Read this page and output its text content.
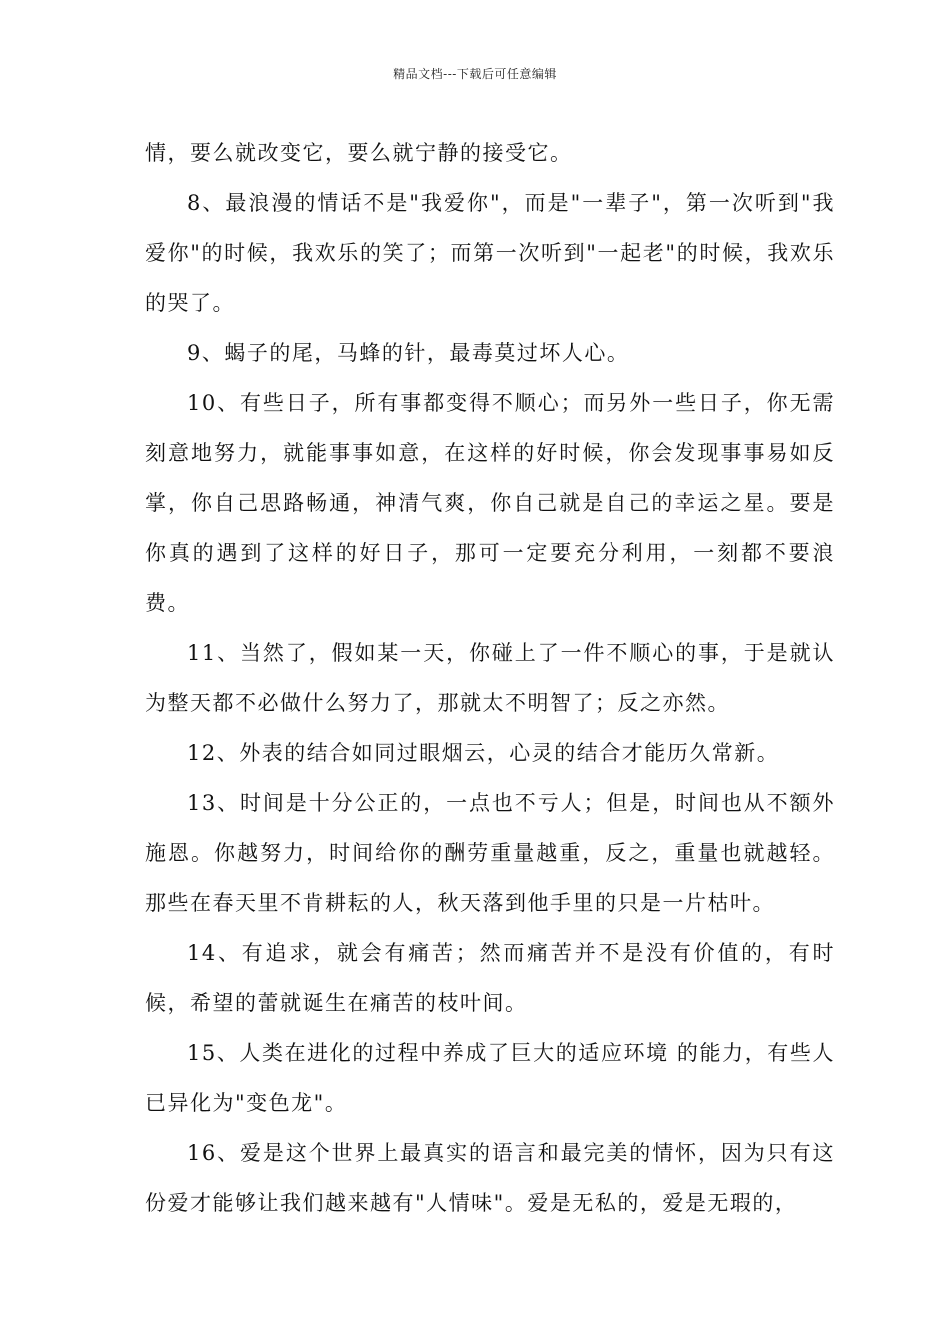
精品文档---下载后可任意编辑

情，要么就改变它，要么就宁静的接受它。

8、最浪漫的情话不是"我爱你"，而是"一辈子"，第一次听到"我爱你"的时候，我欢乐的笑了；而第一次听到"一起老"的时候，我欢乐的哭了。

9、蝎子的尾，马蜂的针，最毒莫过坏人心。

10、有些日子，所有事都变得不顺心；而另外一些日子，你无需刻意地努力，就能事事如意，在这样的好时候，你会发现事事易如反掌，你自己思路畅通，神清气爽，你自己就是自己的幸运之星。要是你真的遇到了这样的好日子，那可一定要充分利用，一刻都不要浪费。

11、当然了，假如某一天，你碰上了一件不顺心的事，于是就认为整天都不必做什么努力了，那就太不明智了；反之亦然。

12、外表的结合如同过眼烟云，心灵的结合才能历久常新。

13、时间是十分公正的，一点也不亏人；但是，时间也从不额外施恩。你越努力，时间给你的酬劳重量越重，反之，重量也就越轻。那些在春天里不肯耕耘的人，秋天落到他手里的只是一片枯叶。

14、有追求，就会有痛苦；然而痛苦并不是没有价值的，有时候，希望的蕾就诞生在痛苦的枝叶间。

15、人类在进化的过程中养成了巨大的适应环境 的能力，有些人已异化为"变色龙"。

16、爱是这个世界上最真实的语言和最完美的情怀，因为只有这份爱才能够让我们越来越有"人情味"。爱是无私的，爱是无瑕的，
